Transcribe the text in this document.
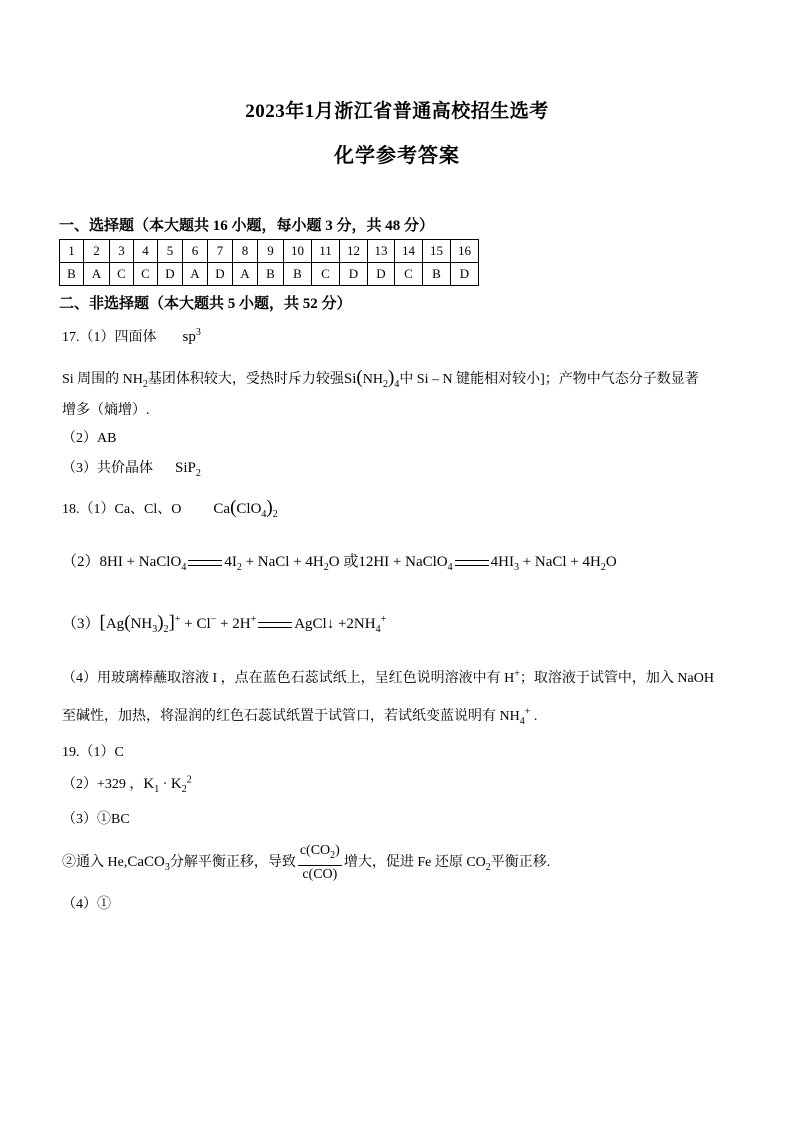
2023年1月浙江省普通高校招生选考
化学参考答案
一、选择题（本大题共 16 小题，每小题 3 分，共 48 分）
1	2	3	4	5	6	7	8	9	10	11	12	13	14	15	16
B	A	C	C	D	A	D	A	B	B	C	D	D	C	B	D
二、非选择题（本大题共 5 小题，共 52 分）
17.（1）四面体 $sp^3$
Si 周围的 $NH_2$基团体积较大，受热时斥力较强$Si(NH_2)_4$中 Si – N 键能相对较小]；产物中气态分子数显著
增多（熵增）.
（2）AB
（3）共价晶体 SiP$_2$
18.（1）Ca、Cl、O $Ca(ClO_4)_2$
（2）8HI + NaClO$_4$	$4I_2$ + NaCl + $4H_2O$ 或12HI + NaClO$_4$	$4HI_3$ + NaCl + $4H_2O$
$(3)[Ag(NH_3)_2]^+ + Cl^- + 2H^+$	AgCl↓ $+2NH_4^+$
（4）用玻璃棒蘸取溶液 I ，点在蓝色石蕊试纸上，呈红色说明溶液中有 H+；取溶液于试管中，加入 NaOH
至碱性，加热，将湿润的红色石蕊试纸置于试管口，若试纸变蓝说明有 $NH_4^+$ .
19.（1）C
（2）+329 ，$K_1 \cdot K_2^2$
（3）①BC
②通入 He,CaCO$_3$分解平衡正移，导致 $\frac{c(CO_2)}{c(CO)}$ 增大，促进 Fe 还原 $CO_2$平衡正移.
（4）①
